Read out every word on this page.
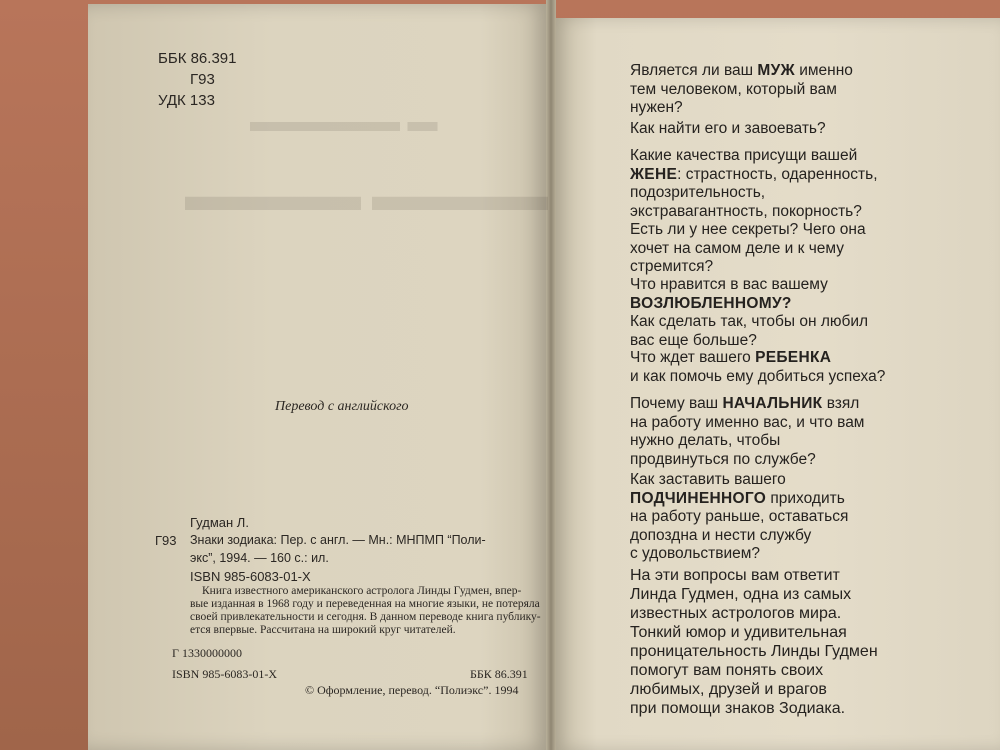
▬ ▬▬▬▬▬
▬▬▬▬ ▬▬▬▬
ББК 86.391
Г93
УДК 133
Перевод с английского
Гудман Л.
Г93 Знаки зодиака: Пер. с англ. — Мн.: МНПМП “Поли-
экс”, 1994. — 160 с.: ил.
ISBN 985-6083-01-X
Книга известного американского астролога Линды Гудмен, впер-
вые изданная в 1968 году и переведенная на многие языки, не потеряла
своей привлекательности и сегодня. В данном переводе книга публику-
ется впервые. Рассчитана на широкий круг читателей.
Г 1330000000
ISBN 985-6083-01-X	ББК 86.391
© Оформление, перевод. “Полиэкс”. 1994

Является ли ваш МУЖ именно

тем человеком, который вам

нужен?

Как найти его и завоевать?

Какие качества присущи вашей

ЖЕНЕ: страстность, одаренность,

подозрительность,

экстравагантность, покорность?

Есть ли у нее секреты? Чего она

хочет на самом деле и к чему

стремится?

Что нравится в вас вашему

ВОЗЛЮБЛЕННОМУ?

Как сделать так, чтобы он любил

вас еще больше?

Что ждет вашего РЕБЕНКА

и как помочь ему добиться успеха?

Почему ваш НАЧАЛЬНИК взял

на работу именно вас, и что вам

нужно делать, чтобы

продвинуться по службе?

Как заставить вашего

ПОДЧИНЕННОГО приходить

на работу раньше, оставаться

допоздна и нести службу

с удовольствием?

На эти вопросы вам ответит

Линда Гудмен, одна из самых

известных астрологов мира.

Тонкий юмор и удивительная

проницательность Линды Гудмен

помогут вам понять своих

любимых, друзей и врагов

при помощи знаков Зодиака.
